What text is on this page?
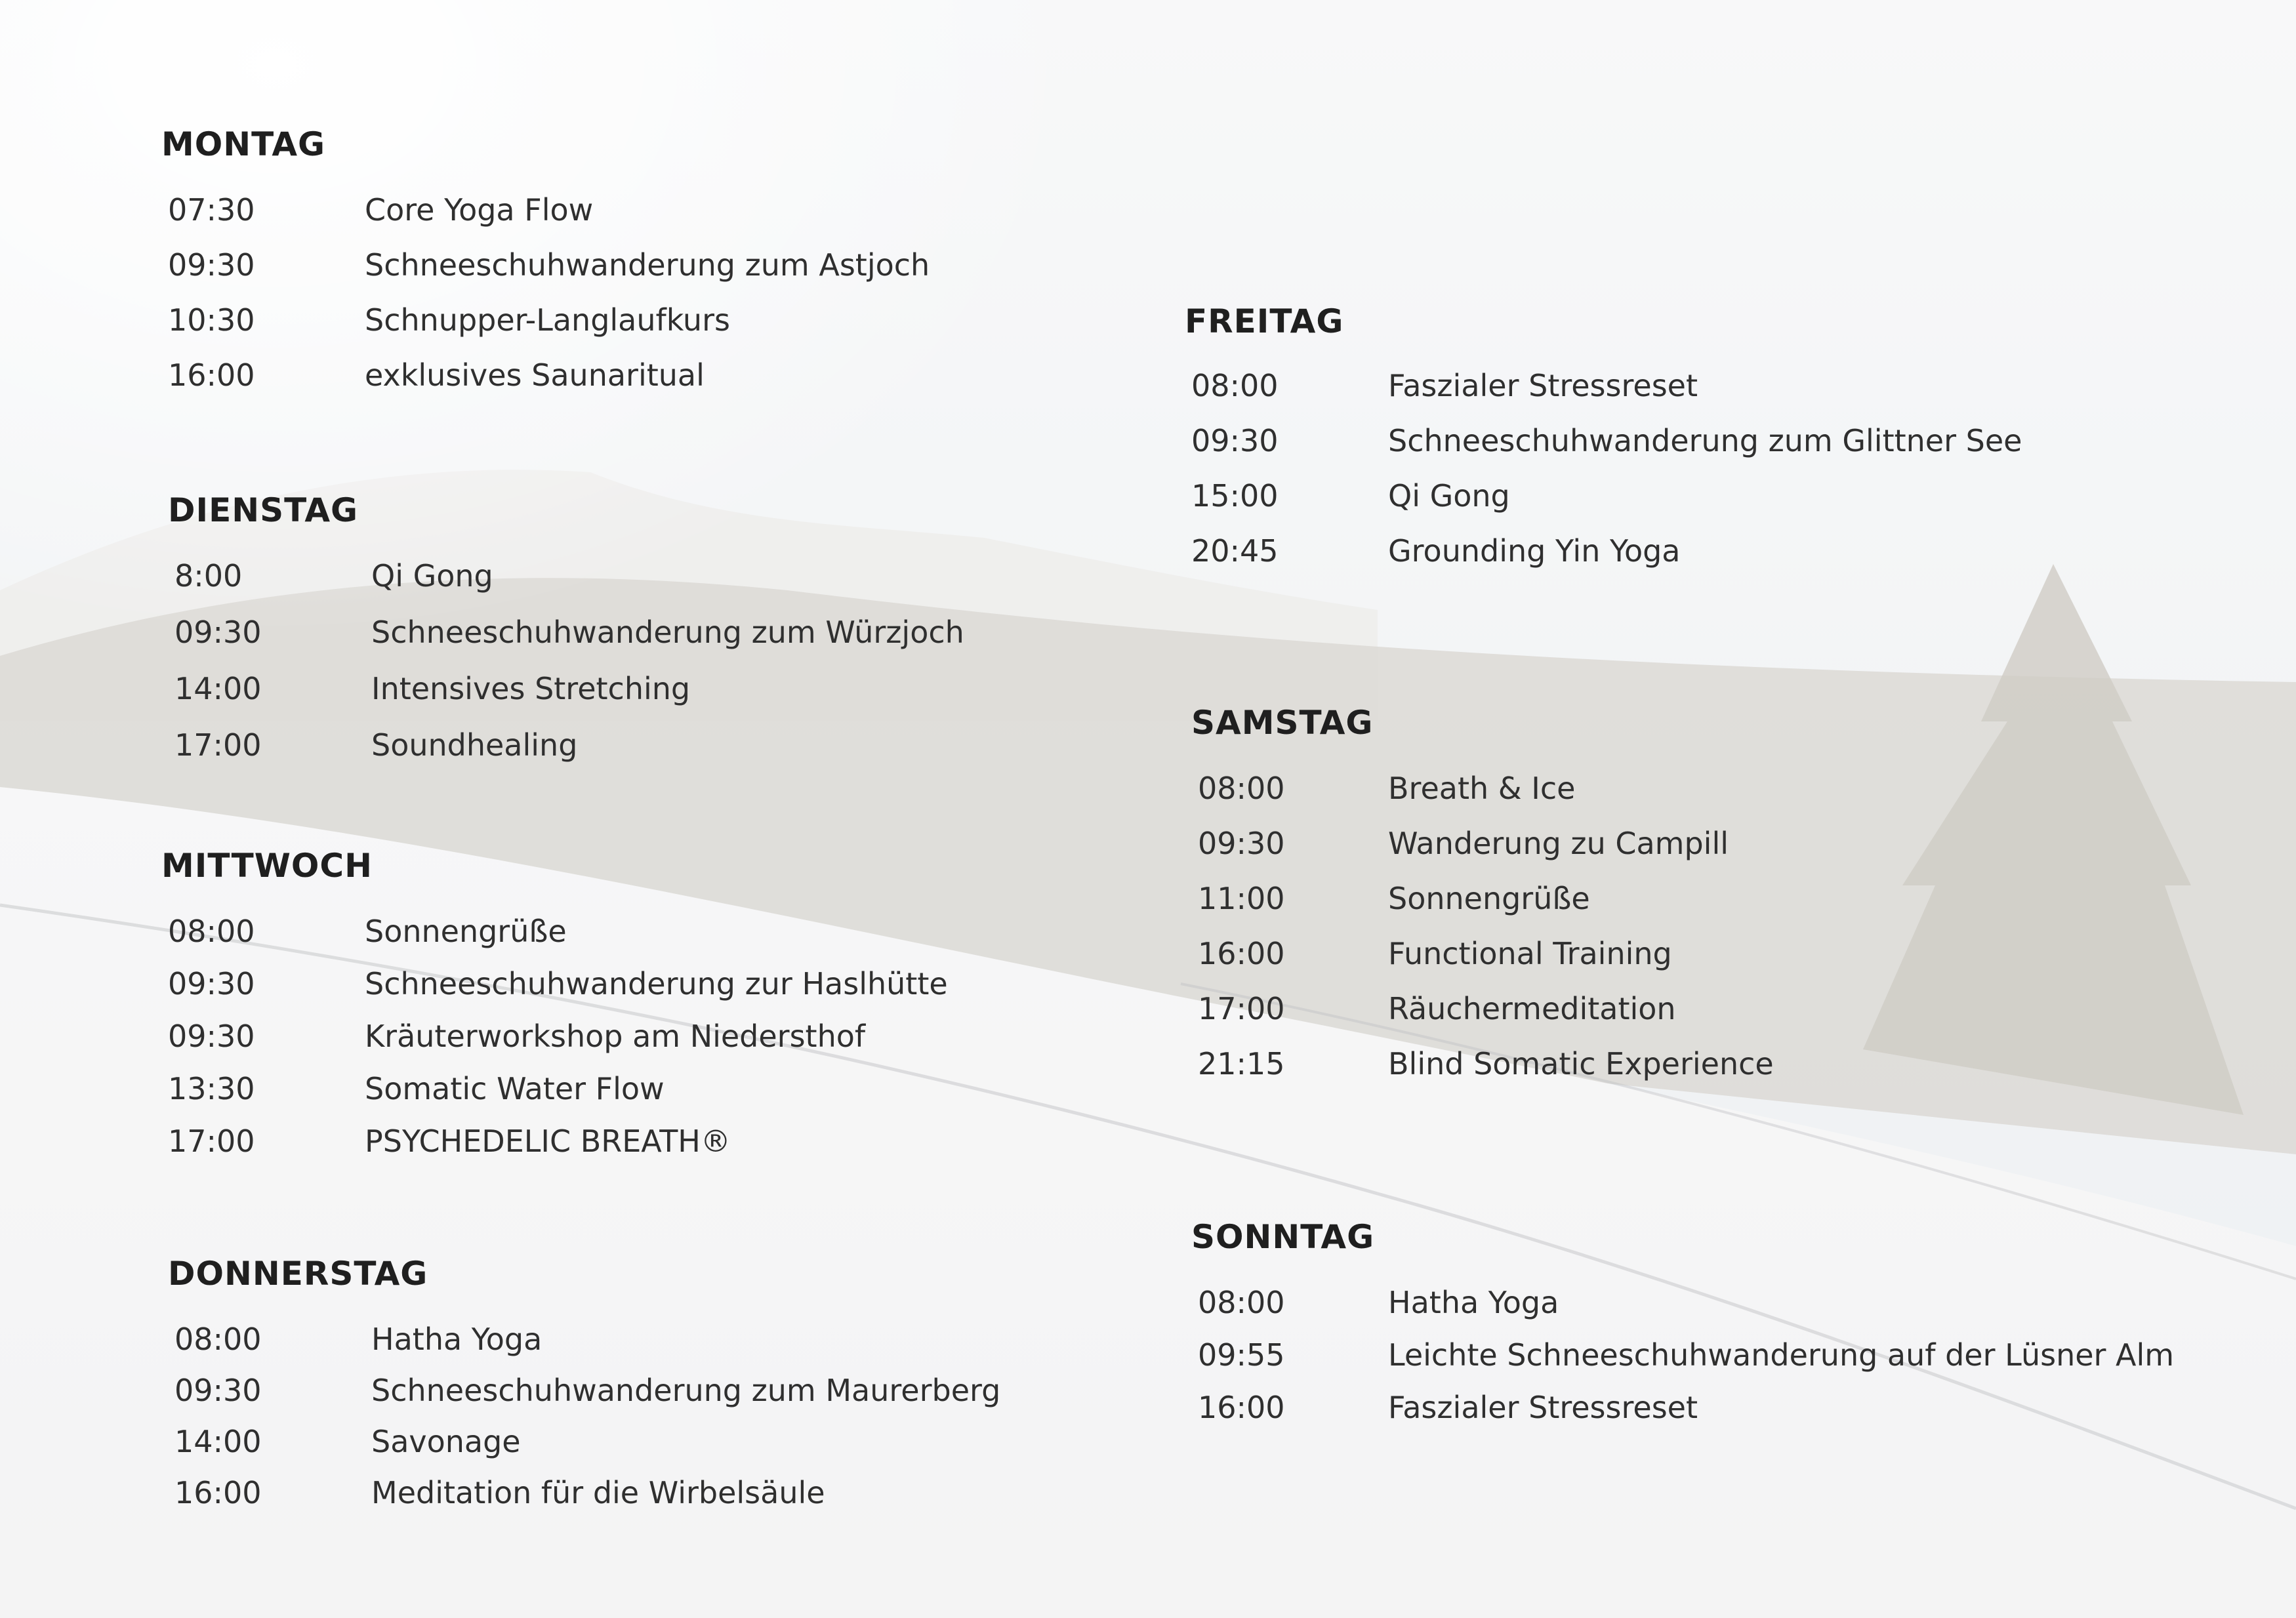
MONTAG
07:30	Core Yoga Flow
09:30	Schneeschuhwanderung zum Astjoch
10:30	Schnupper-Langlaufkurs
16:00	exklusives Saunaritual
DIENSTAG
8:00	Qi Gong
09:30	Schneeschuhwanderung zum Würzjoch
14:00	Intensives Stretching
17:00	Soundhealing
MITTWOCH
08:00	Sonnengrüße
09:30	Schneeschuhwanderung zur Haslhütte
09:30	Kräuterworkshop am Niedersthof
13:30	Somatic Water Flow
17:00	PSYCHEDELIC BREATH®
DONNERSTAG
08:00	Hatha Yoga
09:30	Schneeschuhwanderung zum Maurerberg
14:00	Savonage
16:00	Meditation für die Wirbelsäule
FREITAG
08:00	Faszialer Stressreset
09:30	Schneeschuhwanderung zum Glittner See
15:00	Qi Gong
20:45	Grounding Yin Yoga
SAMSTAG
08:00	Breath & Ice
09:30	Wanderung zu Campill
11:00	Sonnengrüße
16:00	Functional Training
17:00	Räuchermeditation
21:15	Blind Somatic Experience
SONNTAG
08:00	Hatha Yoga
09:55	Leichte Schneeschuhwanderung auf der Lüsner Alm
16:00	Faszialer Stressreset
